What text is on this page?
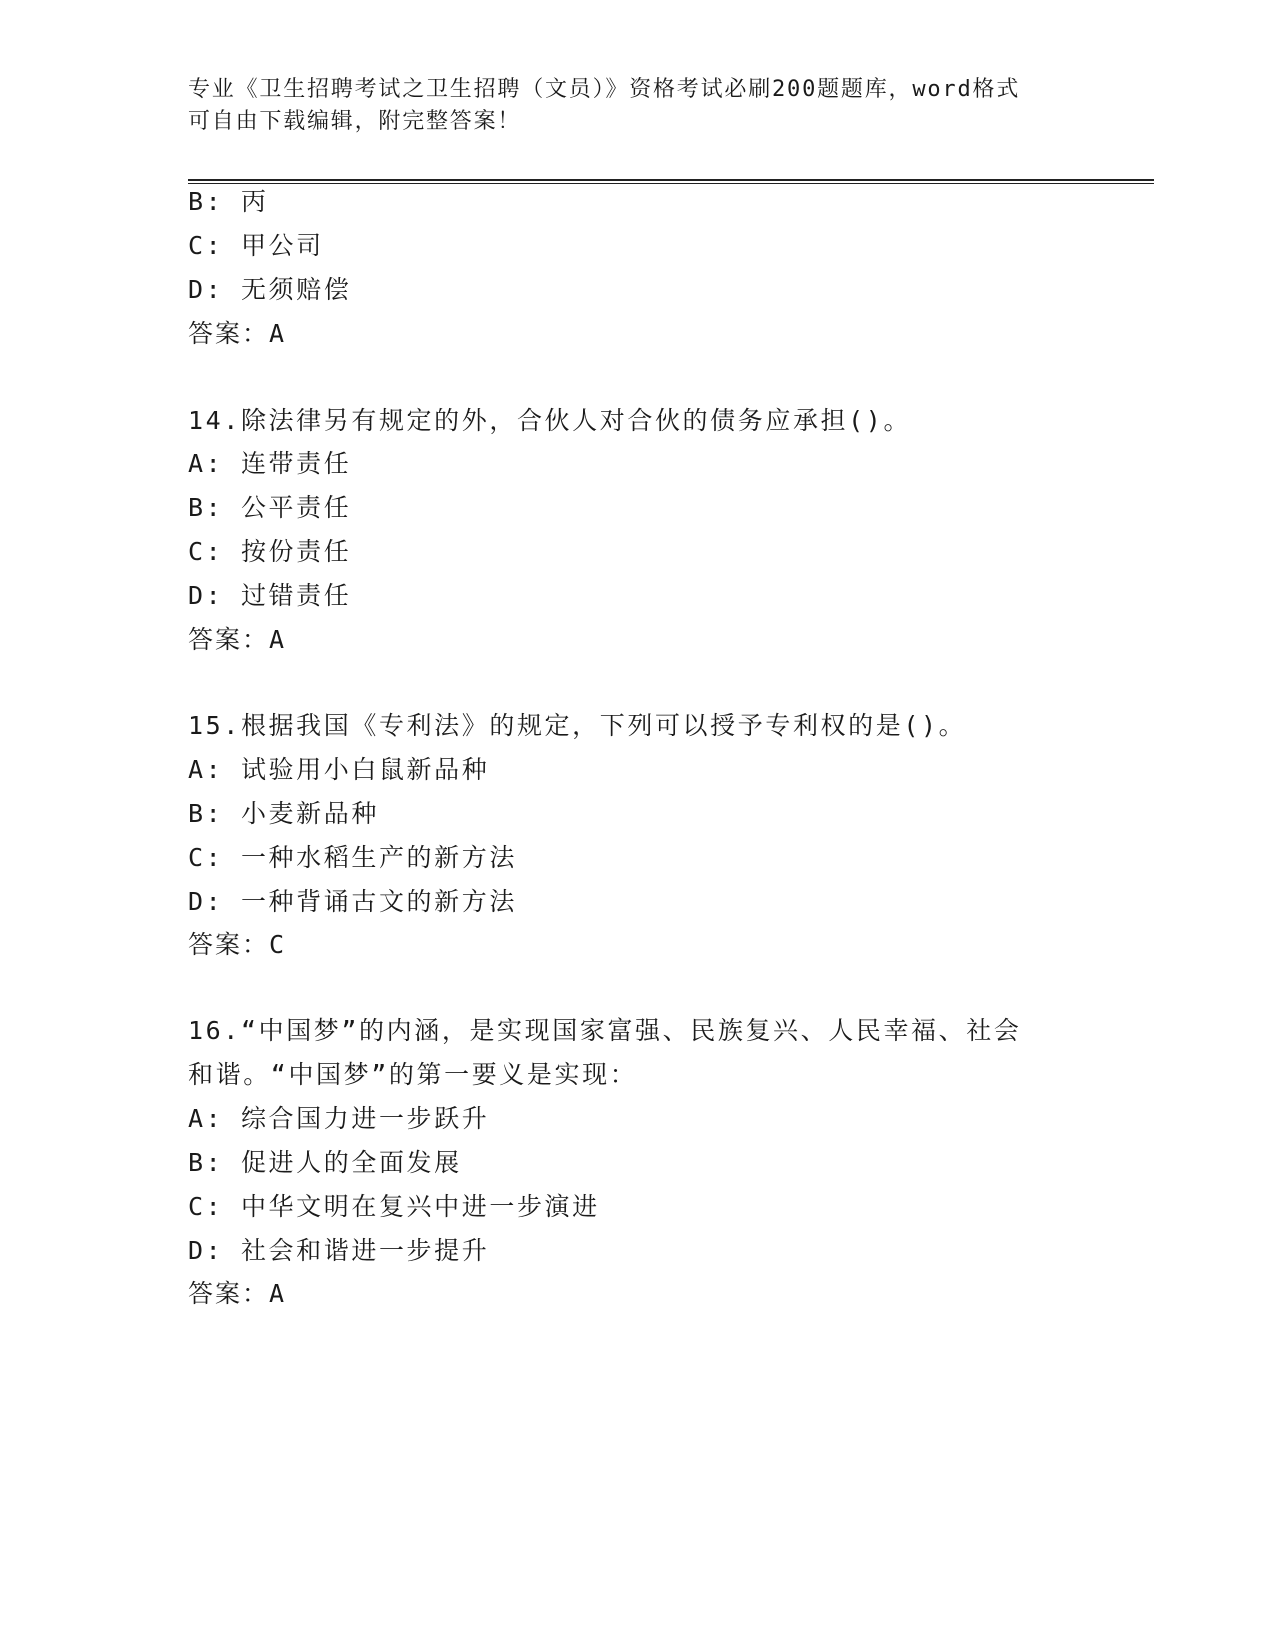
专业《卫生招聘考试之卫生招聘（文员）》资格考试必刷200题题库，word格式
可自由下载编辑，附完整答案！
B: 丙
C: 甲公司
D: 无须赔偿
答案：A
14.除法律另有规定的外，合伙人对合伙的债务应承担()。
A: 连带责任
B: 公平责任
C: 按份责任
D: 过错责任
答案：A
15.根据我国《专利法》的规定，下列可以授予专利权的是()。
A: 试验用小白鼠新品种
B: 小麦新品种
C: 一种水稻生产的新方法
D: 一种背诵古文的新方法
答案：C
16.“中国梦”的内涵，是实现国家富强、民族复兴、人民幸福、社会
和谐。“中国梦”的第一要义是实现：
A: 综合国力进一步跃升
B: 促进人的全面发展
C: 中华文明在复兴中进一步演进
D: 社会和谐进一步提升
答案：A
